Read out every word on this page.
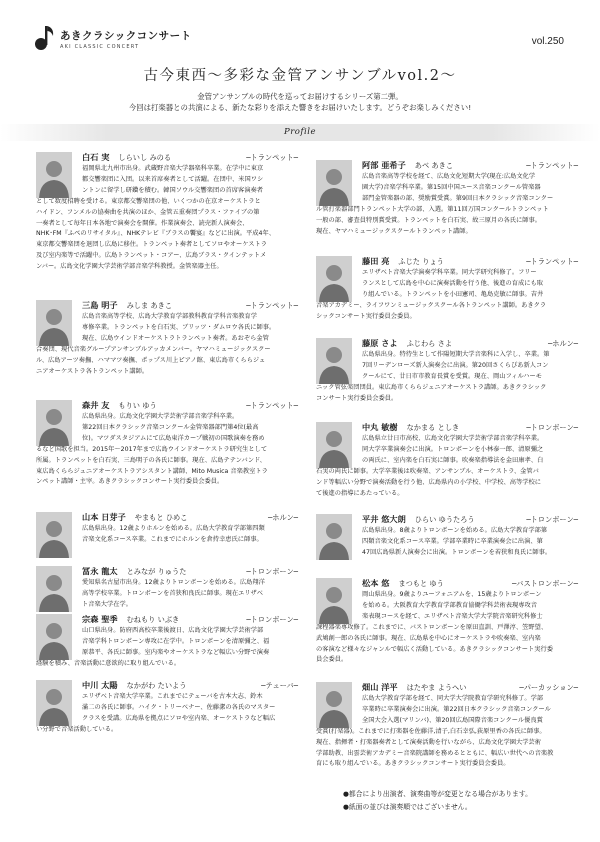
あきクラシックコンサート
AKI CLASSIC CONCERT	vol.250
古今東西〜多彩な金管アンサンブルvol.2〜
金管アンサンブルの時代を巡ってお届けするシリーズ第二弾。
今回は打楽器との共演による、新たな彩りを添えた響きをお届けいたします。どうぞお楽しみください!
Profile
白石 実 しらいし みのる	─トランペット─
福岡県北九州市出身。武蔵野音楽大学器楽科卒業。在学中に東京
都交響楽団に入団。以来首席奏者として活躍。在団中、米国ワシ
ントンに留学し研鑽を積む。韓国ソウル交響楽団の首席客演奏者
として数度招聘を受ける。東京都交響楽団の他、いくつかの在京オーケストラと
ハイドン、フンメルの協奏曲を共演のほか、金管五重奏団プラス・ファイブの第
一奏者として毎年日本各地で演奏会を開催。作業演奏会、読売新人演奏会、
NHK･FM『ふべのリサイタル』、NHKテレビ『ブラスの饗宴』などに出演。平成4年、
東京都交響楽団を退団し広島に移住。トランペット奏者としてソロやオーケストラ
及び室内楽等で活躍中。広島トランペット・コアー、広島ブラス・クインテットメ
ンバー。広島文化学園大学芸術学部音楽学科教授。金管楽器主任。
三島 明子 みしま あきこ	─トランペット─
広島音楽高等学校、広島大学教育学部教科教育学科音楽教育学
専修卒業。トランペットを白石実、ブリッツ・ダムロウ各氏に師事。
現在、広島ウインドオーケストラトランペット奏者。あおぞら金管
合奏団、現代音楽グループアンサンブルアッカメンバー。ヤマハミュージックスクー
ル、広島アーツ奏撫、ハママツ奏撫、ポップス川上ピアノ館、東広島市くららジュ
ニアオーケストラ各トランペット講師。
森井 友 もりい ゆう	─トランペット─
広島県出身。広島文化学園大学芸術学部音楽学科卒業。
第22回日本クラシック音楽コンクール金管楽器部門第4位(最高
位)。マツダスタジアムにて広島東洋カープ戦初の国歌演奏を務め
るなど国歌を担当。2015年〜2017年まで広島ウインドオーケストラ研究生として
所属。トランペットを白石実、三島明子の各氏に師事。現在、広島テテンバンド、
東広島くららジュニアオーケストラアシスタント講師、Mito Musica 音楽教室トラ
ンペット講師・主宰。あきクラシックコンサート実行委員会委員。
山本 日芽子 やまもと ひめこ	─ホルン─
広島県出身。12歳よりホルンを始める。広島大学教育学部第四類
音楽文化系コース卒業。これまでにホルンを倉持幸恵氏に師事。
冨永 龍太 とみなが りゅうた	─トロンボーン─
愛知県名古屋市出身。12歳よりトロンボーンを始める。広島翔洋
高等学校卒業。トロンボーンを首狭和良氏に師事。現在エリザベ
ト音楽大学在学。
宗森 聖季 むねもり いぶき	─トロンボーン─
山口県出身。防府西高校卒業後渡日、広島文化学園大学芸術学部
音楽学科トロンボーン専攻に在学中。トロンボーンを清原彌之、福
原恭平、各氏に師事。室内楽やオーケストラなど幅広い分野で演奏
経験を積み、音楽活動に意欲的に取り組んでいる。
中川 太陽 なかがわ たいよう	─テューバ─
エリザベト音楽大学卒業。これまでにテューバを古本大志、鈴木
滿二の各氏に師事。ハイク・トリーベナー、佐藤潔の各氏のマスター
クラスを受講。広島県を拠点にソロや室内楽、オーケストラなど幅広
い分野で音楽活動している。
阿部 亜希子 あべ あきこ	─トランペット─
広島音楽高等学校を経て、広島文化短期大学(現在:広島文化学
園大学)音楽学科卒業。第15回中国ユース音楽コンクール管楽器
部門金管楽器の部、奨励賞受賞。第9回日本クラシック音楽コンクー
ル管打楽器部門トランペット大学の部、入選。第11回万国コンクールトランペット
一般の部、審査員特別賞受賞。トランペットを白石実、故三原月の各氏に師事。
現在、ヤマハミュージックスクールトランペット講師。
藤田 亮 ふじた りょう	─トランペット─
エリザベト音楽大学演奏学科卒業。同大学研究科修了。フリー
ランスとして広島を中心に演奏活動を行う他、後進の育成にも取
り組んでいる。トランペットを小田憲司、亀島克敏に師事。吉井
音楽アカデミー、ライフワンミュージックスクール各トランペット講師。あきクラ
シックコンサート実行委員会委員。
藤原 さよ ふじわら さよ	─ホルン─
広島県出身。特待生として作陽短期大学音楽科に入学し、卒業。第
7回リーデンローズ新人演奏会に出演。第20回さくらぴあ新人コン
クールにて、廿日市市教育長賞を受賞。現在、岡山フィルハーモ
ニック管弦楽団団員。東広島市くららジュニアオーケストラ講師。あきクラシック
コンサート実行委員会委員。
中丸 敏樹 なかまる としき	─トロンボーン─
広島県立廿日市高校、広島文化学園大学芸術学部音楽学科卒業。
同大学卒業演奏会に出演。トロンボーンを小林泰一郎、清原彌之
の両氏に、室内楽を白石実に師事。吹奏楽指導法を金田康孝、白
石実の両氏に師事。大学卒業後は吹奏楽、アンサンブル、オーケストラ、金管バ
ンド等幅広い分野で演奏活動を行う他、広島県内の小学校、中学校、高等学校に
て後進の指導にあたっている。
平井 悠大朗 ひらい ゆうたろう	─トロンボーン─
広島県出身。8歳よりトロンボーンを始める。広島大学教育学部第
四類音楽文化系コース卒業。学部卒業時に卒業演奏会に出演、第
47回広島県新人演奏会に出演。トロンボーンを若狭和良氏に師事。
松本 悠 まつもと ゆう	─バストロンボーン─
岡山県出身。9歳よりユーフォニアムを、15歳よりトロンボーン
を始める。大阪教育大学教育学部教育協働学科芸術表現専攻音
楽表現コースを経て、エリザベト音楽大学大学院音楽研究科修士
課程器楽専攻修了。これまでに、バストロンボーンを原田直訓、戸澤淳、笠野望、
武鳩創一郎の各氏に師事。現在、広島県を中心にオーケストラや吹奏楽、室内楽
の客演など様々なジャンルで幅広く活動している。あきクラシックコンサート実行委
員会委員。
畑山 洋平 はたやま ようへい	─パーカッション─
広島大学教育学部を経て、同大学大学院教育学研究科修了。学部
卒業時に卒業演奏会に出演。第22回日本クラシック音楽コンクール
全国大会入選(マリンバ)、第20回広島国際音楽コンクール優良賞
受賞(打楽器)。これまでに打楽器を佐藤洋,清子,白石幸弘,荻原里香の各氏に師事。
現在、指揮者・打楽器奏者として演奏活動を行いながら、広島文化学園大学芸術
学部助教、出雲芸術アカデミー音楽院講師を務めるとともに、幅広い世代への音楽教
育にも取り組んでいる。あきクラシックコンサート実行委員会委員。
●都合により出演者、演奏曲等が変更となる場合があります。
●紙面の並びは演奏順ではございません。
